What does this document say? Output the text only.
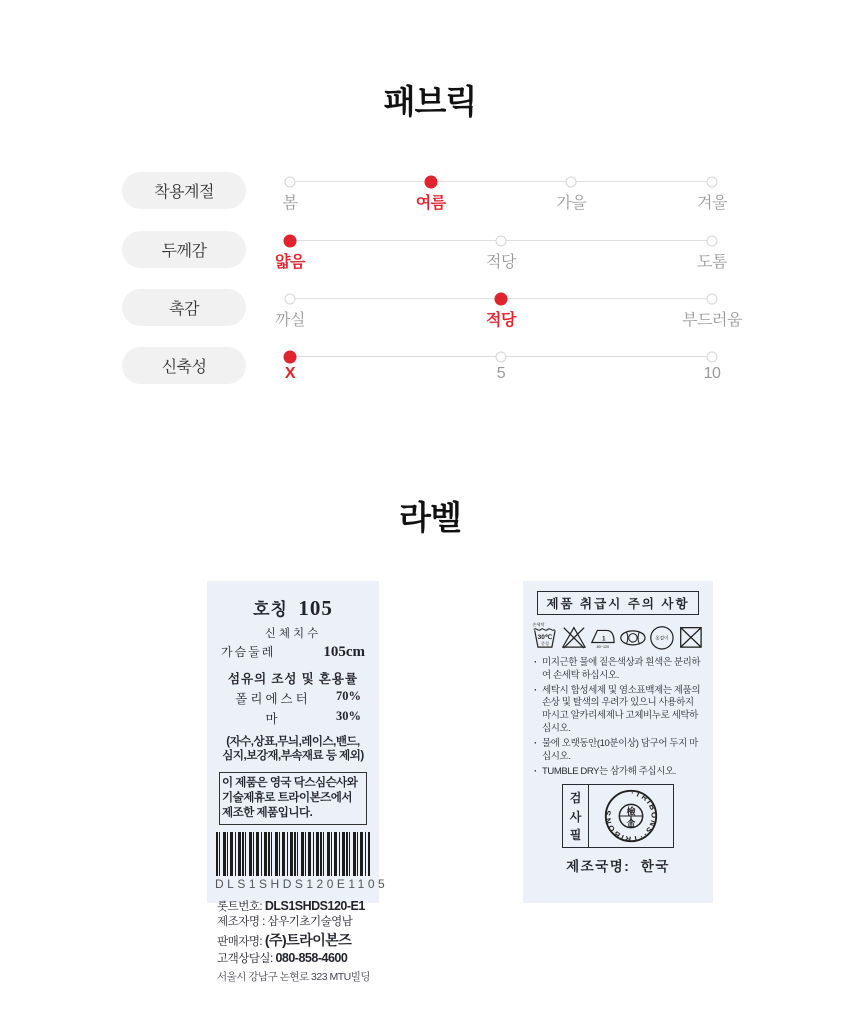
패브릭
착용계절
봄	여름	가을	겨울
두께감
얇음	적당	도톰
촉감
까실	적당	부드러움
신축성	X	5	10
라벨
호칭 105
신체치수
가슴둘레	105cm
섬유의 조성 및 혼용률
폴리에스터	70%
마	30%
(자수,상표,무늬,레이스,밴드,
심지,보강재,부속재료 등 제외)
이 제품은 영국 닥스심슨사와 기술제휴로 트라이본즈에서 제조한 제품입니다.
DLS1SHDS120E1105
롯트번호: DLS1SHDS120-E1
제조자명 : 삼우기초기술영남
판매자명: (주)트라이본즈
고객상담실: 080-858-4600
서울시 강남구 논현로 323 MTU빌딩
제품 취급시 주의 사항
손세탁
30℃
중성
1
80~120
옷걸이
· 미지근한 물에 짙은색상과 흰색은 분리하여 손세탁 하십시오.
· 세탁시 합성세제 및 염소표백제는 제품의 손상 및 탈색의 우려가 있으니 사용하지 마시고 알카리세제나 고체비누로 세탁하십시오.
· 물에 오랫동안(10분이상) 담구어 두지 마십시오.
· TUMBLE DRY는 삼가해 주십시오.
검
사
필
·TRIBONS··TRIBONS	檢
合
제조국명: 한국
